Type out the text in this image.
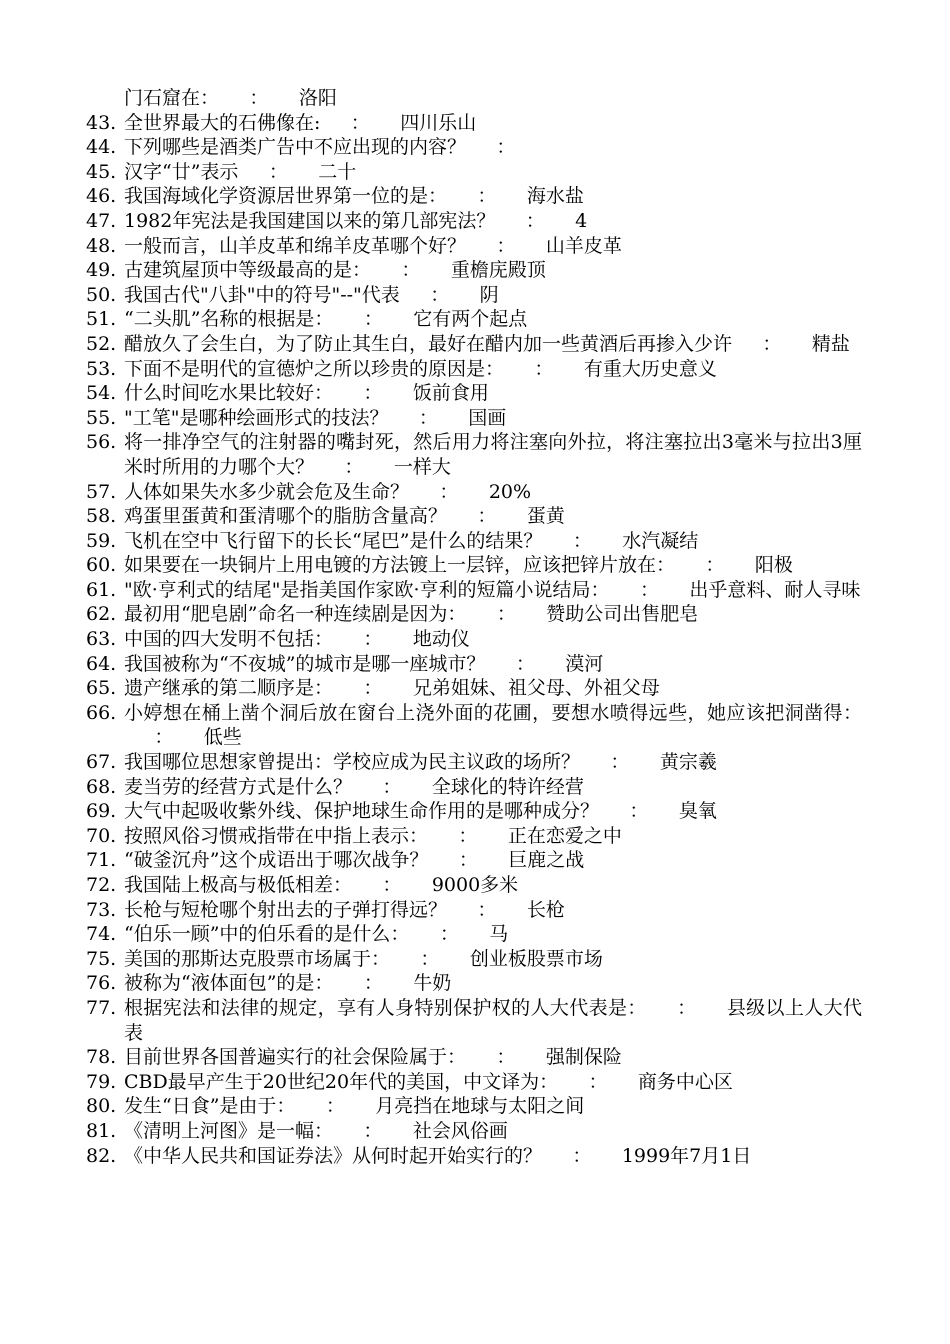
门石窟在： ： 洛阳
43. 全世界最大的石佛像在: ： 四川乐山
44. 下列哪些是酒类广告中不应出现的内容？ ：
45. 汉字“廿”表示 ： 二十
46. 我国海域化学资源居世界第一位的是： ： 海水盐
47. 1982年宪法是我国建国以来的第几部宪法？ ： 4
48. 一般而言，山羊皮革和绵羊皮革哪个好？ ： 山羊皮革
49. 古建筑屋顶中等级最高的是： ： 重檐庑殿顶
50. 我国古代"八卦"中的符号"--"代表 ： 阴
51. “二头肌”名称的根据是： ： 它有两个起点
52. 醋放久了会生白，为了防止其生白，最好在醋内加一些黄酒后再掺入少许 ： 精盐
53. 下面不是明代的宣德炉之所以珍贵的原因是： ： 有重大历史意义
54. 什么时间吃水果比较好： ： 饭前食用
55. "工笔"是哪种绘画形式的技法？ ： 国画
56. 将一排净空气的注射器的嘴封死，然后用力将注塞向外拉，将注塞拉出3毫米与拉出3厘米时所用的力哪个大？ ： 一样大
57. 人体如果失水多少就会危及生命？ ： 20%
58. 鸡蛋里蛋黄和蛋清哪个的脂肪含量高？ ： 蛋黄
59. 飞机在空中飞行留下的长长“尾巴”是什么的结果？ ： 水汽凝结
60. 如果要在一块铜片上用电镀的方法镀上一层锌，应该把锌片放在： ： 阳极
61. "欧·亨利式的结尾"是指美国作家欧·亨利的短篇小说结局： ： 出乎意料、耐人寻味
62. 最初用“肥皂剧”命名一种连续剧是因为： ： 赞助公司出售肥皂
63. 中国的四大发明不包括： ： 地动仪
64. 我国被称为“不夜城”的城市是哪一座城市？ ： 漠河
65. 遗产继承的第二顺序是： ： 兄弟姐妹、祖父母、外祖父母
66. 小婷想在桶上凿个洞后放在窗台上浇外面的花圃，要想水喷得远些，她应该把洞凿得：： 低些
67. 我国哪位思想家曾提出：学校应成为民主议政的场所？ ： 黄宗羲
68. 麦当劳的经营方式是什么？ ： 全球化的特许经营
69. 大气中起吸收紫外线、保护地球生命作用的是哪种成分？ ： 臭氧
70. 按照风俗习惯戒指带在中指上表示： ： 正在恋爱之中
71. “破釜沉舟”这个成语出于哪次战争？ ： 巨鹿之战
72. 我国陆上极高与极低相差： ： 9000多米
73. 长枪与短枪哪个射出去的子弹打得远？ ： 长枪
74. “伯乐一顾”中的伯乐看的是什么： ： 马
75. 美国的那斯达克股票市场属于： ： 创业板股票市场
76. 被称为“液体面包”的是： ： 牛奶
77. 根据宪法和法律的规定，享有人身特别保护权的人大代表是： ： 县级以上人大代表
78. 目前世界各国普遍实行的社会保险属于： ： 强制保险
79. CBD最早产生于20世纪20年代的美国，中文译为： ： 商务中心区
80. 发生“日食”是由于： ： 月亮挡在地球与太阳之间
81. 《清明上河图》是一幅： ： 社会风俗画
82. 《中华人民共和国证券法》从何时起开始实行的？ ： 1999年7月1日
